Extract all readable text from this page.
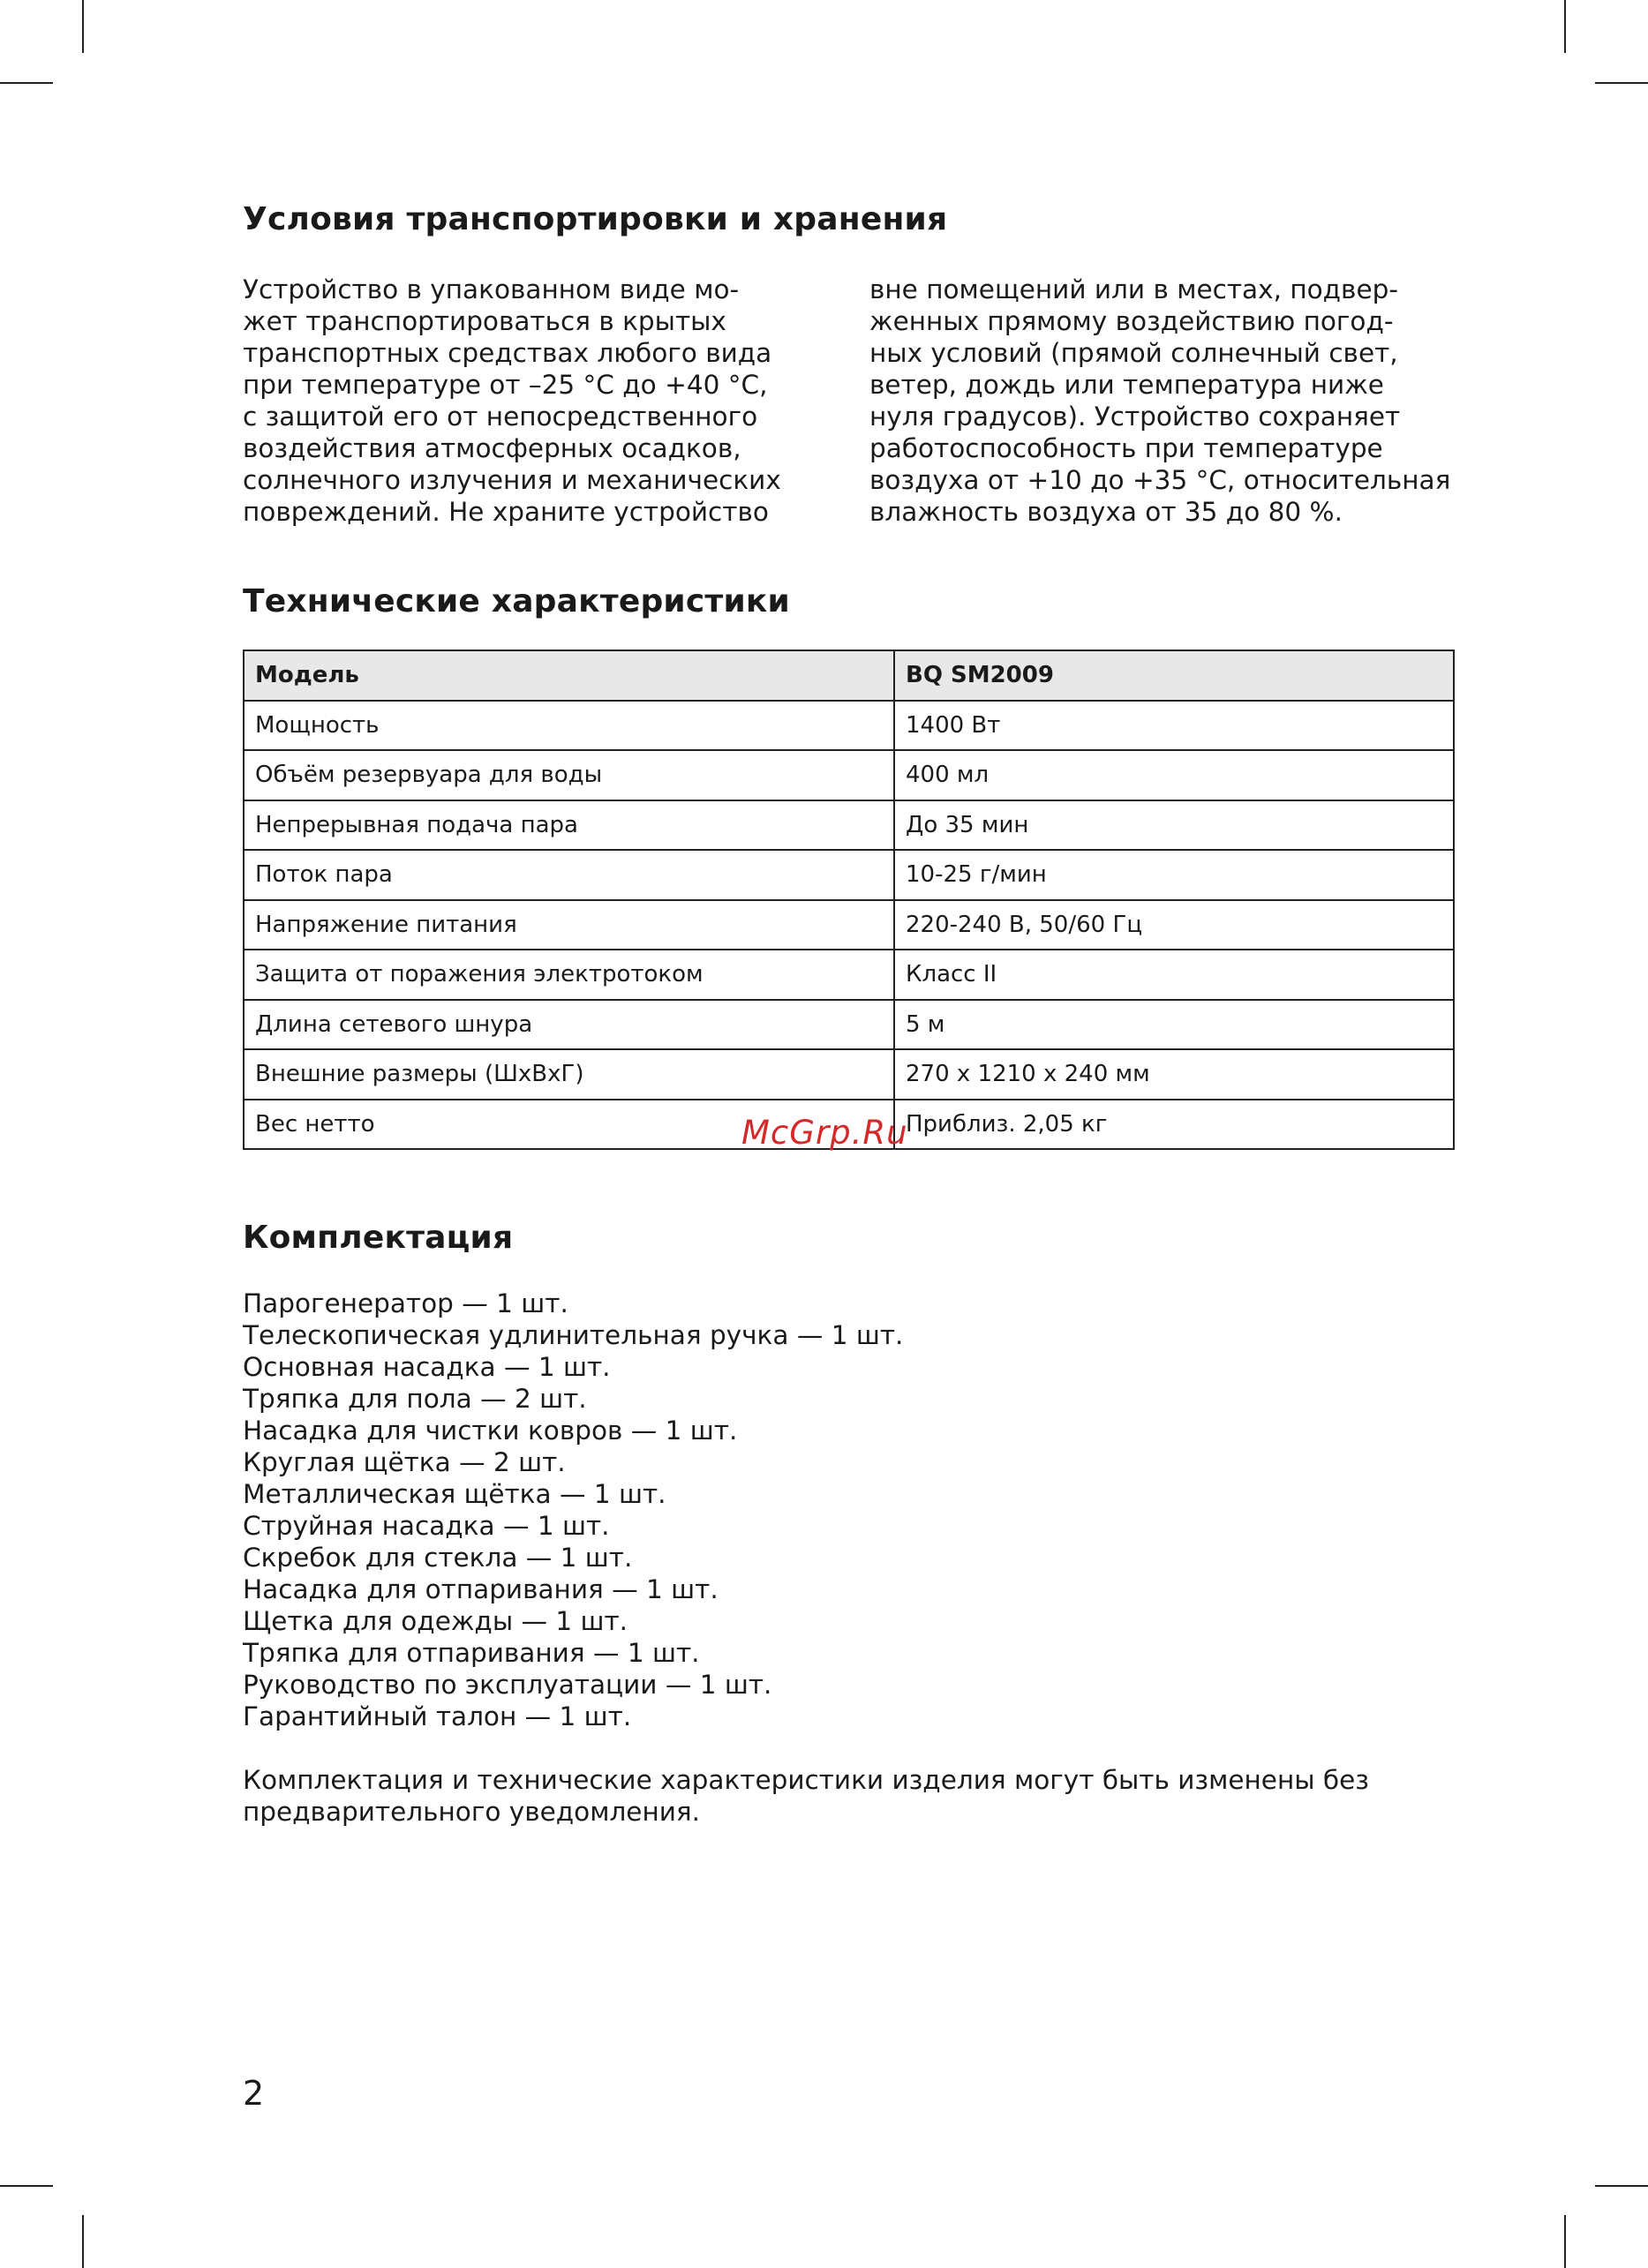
Условия транспортировки и хранения

Устройство в упакованном виде мо-
жет транспортироваться в крытых
транспортных средствах любого вида
при температуре от –25 °C до +40 °C,
с защитой его от непосредственного
воздействия атмосферных осадков,
солнечного излучения и механических
повреждений. Не храните устройство

вне помещений или в местах, подвер-
женных прямому воздействию погод-
ных условий (прямой солнечный свет,
ветер, дождь или температура ниже
нуля градусов). Устройство сохраняет
работоспособность при температуре
воздуха от +10 до +35 °C, относительная
влажность воздуха от 35 до 80 %.

Технические характеристики
Модель	BQ SM2009
Мощность	1400 Вт
Объём резервуара для воды	400 мл
Непрерывная подача пара	До 35 мин
Поток пара	10-25 г/мин
Напряжение питания	220-240 В, 50/60 Гц
Защита от поражения электротоком	Класс II
Длина сетевого шнура	5 м
Внешние размеры (ШхВхГ)	270 х 1210 х 240 мм
Вес нетто	Приблиз. 2,05 кг
Комплектация
Парогенератор — 1 шт.
Телескопическая удлинительная ручка — 1 шт.
Основная насадка — 1 шт.
Тряпка для пола — 2 шт.
Насадка для чистки ковров — 1 шт.
Круглая щётка — 2 шт.
Металлическая щётка — 1 шт.
Струйная насадка — 1 шт.
Скребок для стекла — 1 шт.
Насадка для отпаривания — 1 шт.
Щетка для одежды — 1 шт.
Тряпка для отпаривания — 1 шт.
Руководство по эксплуатации — 1 шт.
Гарантийный талон — 1 шт.

Комплектация и технические характеристики изделия могут быть изменены без
предварительного уведомления.

McGrp.Ru
2
